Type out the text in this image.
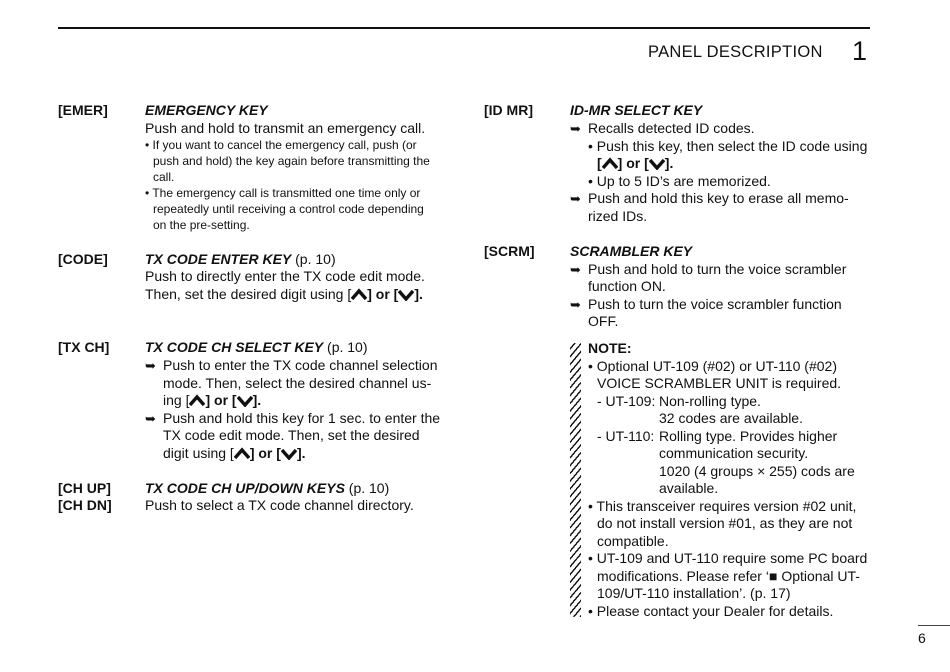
PANEL DESCRIPTION 1
[EMER]	EMERGENCY KEY
Push and hold to transmit an emergency call.
• If you want to cancel the emergency call, push (or
push and hold) the key again before transmitting the
call.
• The emergency call is transmitted one time only or
repeatedly until receiving a control code depending
on the pre-setting.
[CODE]	TX CODE ENTER KEY (p. 10)
Push to directly enter the TX code edit mode.
Then, set the desired digit using [ ] or [ ].
[TX CH]	TX CODE CH SELECT KEY (p. 10)
➥ Push to enter the TX code channel selection
mode. Then, select the desired channel us-
ing [ ] or [ ].
➥ Push and hold this key for 1 sec. to enter the
TX code edit mode. Then, set the desired
digit using [ ] or [ ].
[CH UP]
[CH DN]
TX CODE CH UP/DOWN KEYS (p. 10)
Push to select a TX code channel directory.
[ID MR]	ID-MR SELECT KEY
➥ Recalls detected ID codes.
• Push this key, then select the ID code using
[ ] or [ ].
• Up to 5 ID’s are memorized.
➥ Push and hold this key to erase all memo-
rized IDs.
[SCRM]	SCRAMBLER KEY
➥ Push and hold to turn the voice scrambler
function ON.
➥ Push to turn the voice scrambler function
OFF.
NOTE:
• Optional UT-109 (#02) or UT-110 (#02)
VOICE SCRAMBLER UNIT is required.
- UT-109: Non-rolling type.
32 codes are available.
- UT-110: Rolling type. Provides higher
communication security.
1020 (4 groups × 255) cods are
available.
• This transceiver requires version #02 unit,
do not install version #01, as they are not
compatible.
• UT-109 and UT-110 require some PC board
modifications. Please refer ‘■ Optional UT-
109/UT-110 installation’. (p. 17)
• Please contact your Dealer for details.
6
